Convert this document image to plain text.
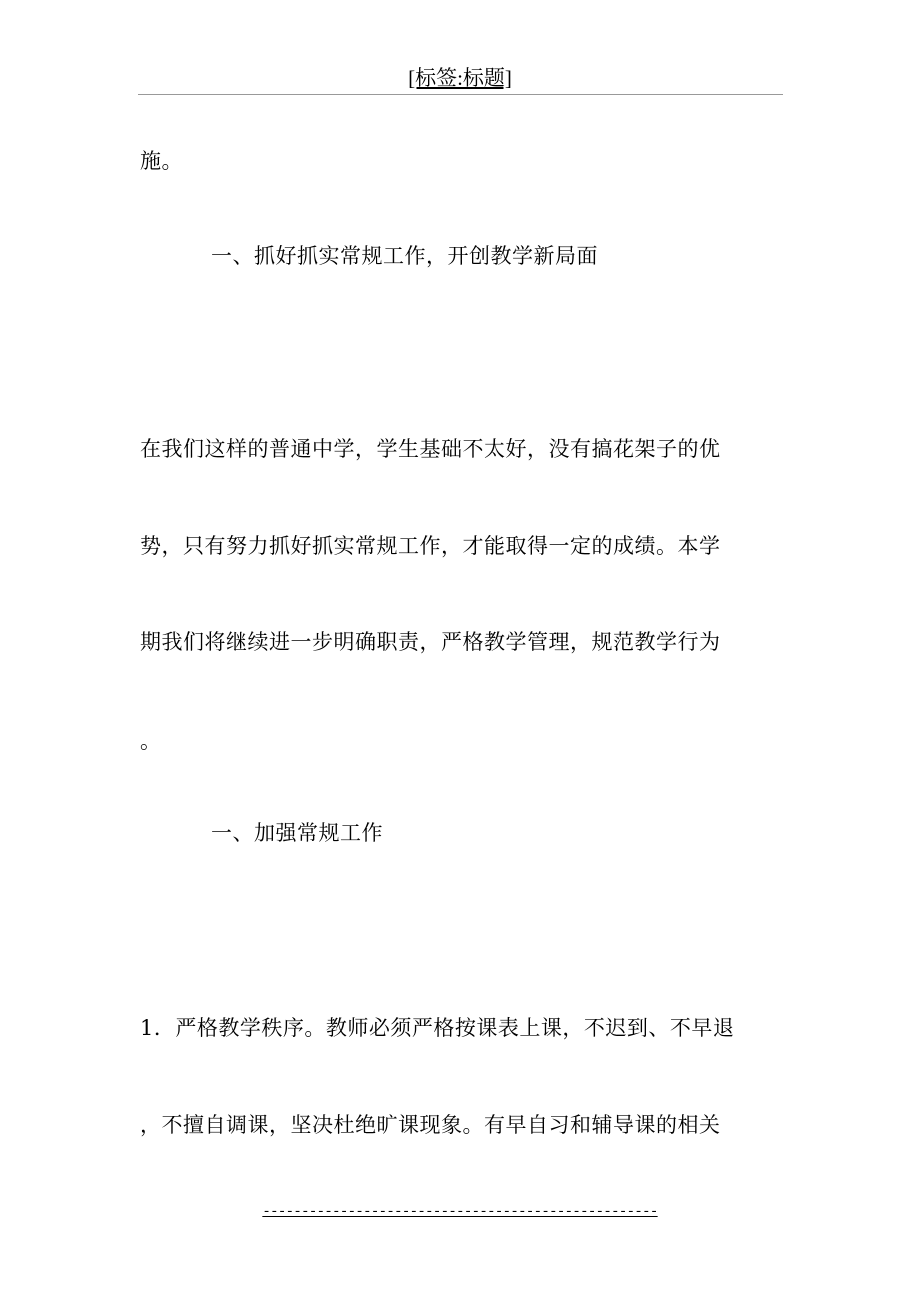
[标签:标题]
施。
一、抓好抓实常规工作，开创教学新局面
在我们这样的普通中学，学生基础不太好，没有搞花架子的优
势，只有努力抓好抓实常规工作，才能取得一定的成绩。本学
期我们将继续进一步明确职责，严格教学管理，规范教学行为
。
一、加强常规工作
1．严格教学秩序。教师必须严格按课表上课，不迟到、不早退
，不擅自调课，坚决杜绝旷课现象。有早自习和辅导课的相关
---------------------------------------------------
